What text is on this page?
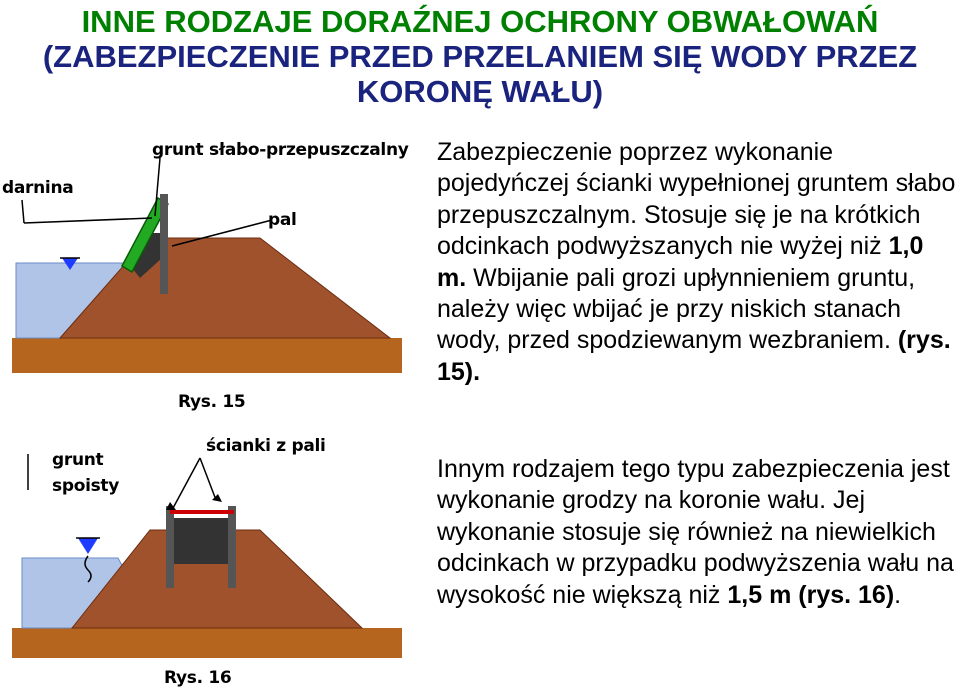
INNE RODZAJE DORAŹNEJ OCHRONY OBWAŁOWAŃ
(ZABEZPIECZENIE PRZED PRZELANIEM SIĘ WODY PRZEZ
KORONĘ WAŁU)
grunt słabo-przepuszczalny
darnina
pal
Rys. 15
grunt
spoisty
ścianki z pali
Rys. 16
Zabezpieczenie poprzez wykonanie pojedyńczej ścianki wypełnionej gruntem słabo przepuszczalnym. Stosuje się je na krótkich odcinkach podwyższanych nie wyżej niż 1,0 m. Wbijanie pali grozi upłynnieniem gruntu, należy więc wbijać je przy niskich stanach wody, przed spodziewanym wezbraniem. (rys. 15).
Innym rodzajem tego typu zabezpieczenia jest wykonanie grodzy na koronie wału. Jej wykonanie stosuje się również na niewielkich odcinkach w przypadku podwyższenia wału na wysokość nie większą niż 1,5 m (rys. 16).
